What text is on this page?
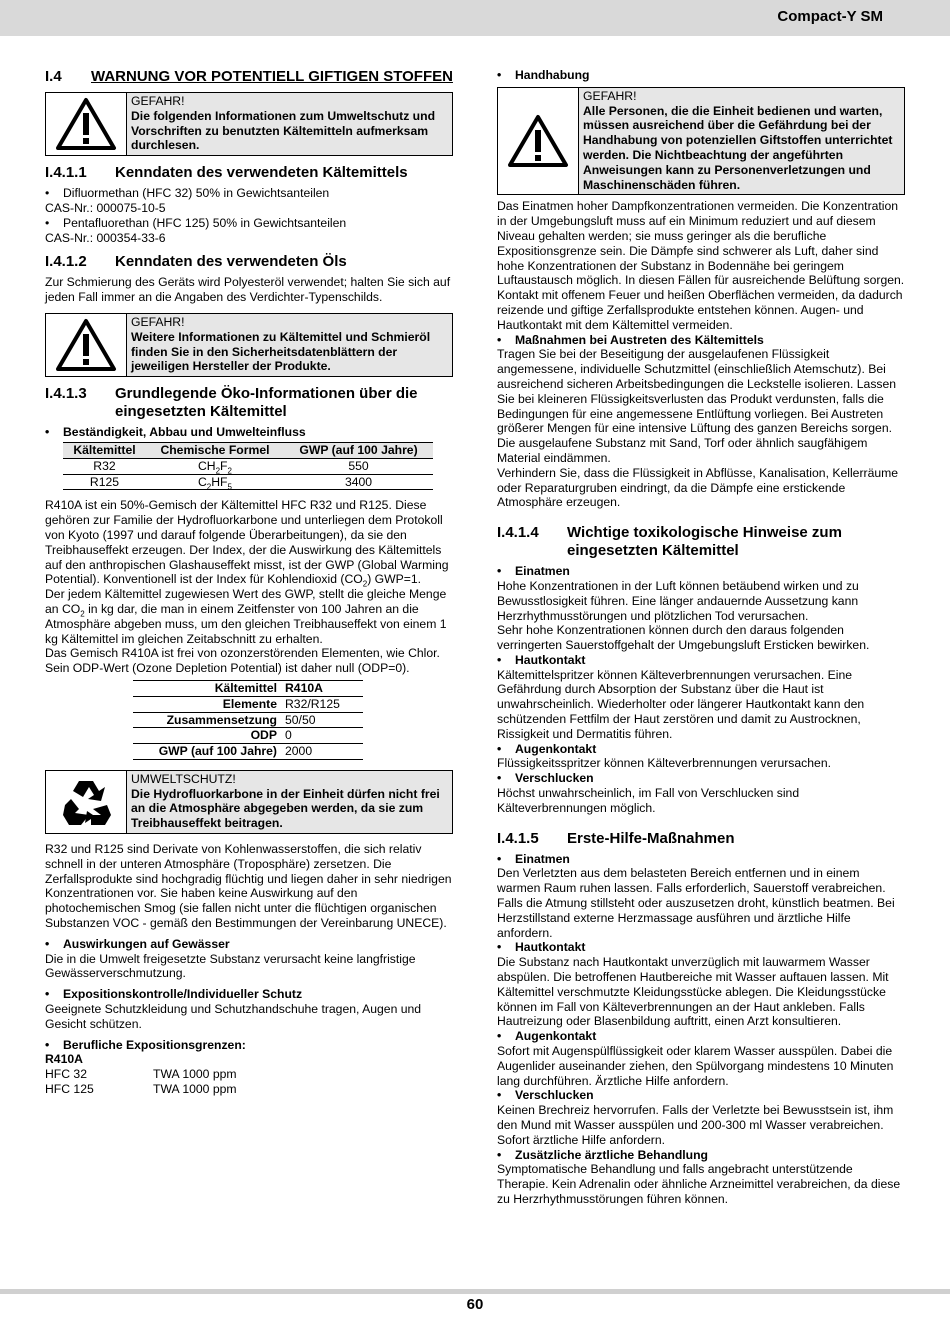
Compact-Y SM
I.4	WARNUNG VOR POTENTIELL GIFTIGEN STOFFEN
GEFAHR!
Die folgenden Informationen zum Umweltschutz und Vorschriften zu benutzten Kältemitteln aufmerksam durchlesen.
I.4.1.1	Kenndaten des verwendeten Kältemittels
•	Difluormethan (HFC 32) 50% in Gewichtsanteilen

CAS-Nr.: 000075-10-5

•	Pentafluorethan (HFC 125) 50% in Gewichtsanteilen

CAS-Nr.: 000354-33-6

I.4.1.2	Kenndaten des verwendeten Öls

Zur Schmierung des Geräts wird Polyesteröl verwendet; halten Sie sich auf jeden Fall immer an die Angaben des Verdichter-Typenschilds.

GEFAHR!
Weitere Informationen zu Kältemittel und Schmieröl finden Sie in den Sicherheitsdatenblättern der jeweiligen Hersteller der Produkte.
I.4.1.3	Grundlegende Öko-Informationen über die eingesetzten Kältemittel
•	Beständigkeit, Abbau und Umwelteinfluss
Kältemittel	Chemische Formel	GWP (auf 100 Jahre)
R32	$CH_2F_2$	550
R125	$C_2HF_5$	3400

R410A ist ein 50%-Gemisch der Kältemittel HFC R32 und R125. Diese gehören zur Familie der Hydrofluorkarbone und unterliegen dem Protokoll von Kyoto (1997 und darauf folgende Überarbeitungen), da sie den Treibhauseffekt erzeugen. Der Index, der die Auswirkung des Kältemittels auf den anthropischen Glashauseffekt misst, ist der GWP (Global Warming Potential). Konventionell ist der Index für Kohlendioxid $(CO_2)$ GWP=1.

Der jedem Kältemittel zugewiesen Wert des GWP, stellt die gleiche Menge an $CO_2$ in kg dar, die man in einem Zeitfenster von 100 Jahren an die Atmosphäre abgeben muss, um den gleichen Treibhauseffekt von einem 1 kg Kältemittel im gleichen Zeitabschnitt zu erhalten.

Das Gemisch R410A ist frei von ozonzerstörenden Elementen, wie Chlor. Sein ODP-Wert (Ozone Depletion Potential) ist daher null (ODP=0).

Kältemittel	R410A
Elemente	R32/R125
Zusammensetzung	50/50
ODP	0
GWP (auf 100 Jahre)	2000
UMWELTSCHUTZ!
Die Hydrofluorkarbone in der Einheit dürfen nicht frei an die Atmosphäre abgegeben werden, da sie zum Treibhauseffekt beitragen.

R32 und R125 sind Derivate von Kohlenwasserstoffen, die sich relativ schnell in der unteren Atmosphäre (Troposphäre) zersetzen. Die Zerfallsprodukte sind hochgradig flüchtig und liegen daher in sehr niedrigen Konzentrationen vor. Sie haben keine Auswirkung auf den photochemischen Smog (sie fallen nicht unter die flüchtigen organischen Substanzen VOC - gemäß den Bestimmungen der Vereinbarung UNECE).

•	Auswirkungen auf Gewässer

Die in die Umwelt freigesetzte Substanz verursacht keine langfristige Gewässerverschmutzung.

•	Expositionskontrolle/Individueller Schutz

Geeignete Schutzkleidung und Schutzhandschuhe tragen, Augen und Gesicht schützen.

•	Berufliche Expositionsgrenzen:

R410A

HFC 32	TWA 1000 ppm
HFC 125	TWA 1000 ppm
•	Handhabung
GEFAHR!
Alle Personen, die die Einheit bedienen und warten, müssen ausreichend über die Gefährdung bei der Handhabung von potenziellen Giftstoffen unterrichtet werden. Die Nichtbeachtung der angeführten Anweisungen kann zu Personenverletzungen und Maschinenschäden führen.

Das Einatmen hoher Dampfkonzentrationen vermeiden. Die Konzentration in der Umgebungsluft muss auf ein Minimum reduziert und auf diesem Niveau gehalten werden; sie muss geringer als die berufliche Expositionsgrenze sein. Die Dämpfe sind schwerer als Luft, daher sind hohe Konzentrationen der Substanz in Bodennähe bei geringem Luftaustausch möglich. In diesen Fällen für ausreichende Belüftung sorgen. Kontakt mit offenem Feuer und heißen Oberflächen vermeiden, da dadurch reizende und giftige Zerfallsprodukte entstehen können. Augen- und Hautkontakt mit dem Kältemittel vermeiden.

•	Maßnahmen bei Austreten des Kältemittels

Tragen Sie bei der Beseitigung der ausgelaufenen Flüssigkeit angemessene, individuelle Schutzmittel (einschließlich Atemschutz). Bei ausreichend sicheren Arbeitsbedingungen die Leckstelle isolieren. Lassen Sie bei kleineren Flüssigkeitsverlusten das Produkt verdunsten, falls die Bedingungen für eine angemessene Entlüftung vorliegen. Bei Austreten größerer Mengen für eine intensive Lüftung des ganzen Bereichs sorgen.

Die ausgelaufene Substanz mit Sand, Torf oder ähnlich saugfähigem Material eindämmen.

Verhindern Sie, dass die Flüssigkeit in Abflüsse, Kanalisation, Kellerräume oder Reparaturgruben eindringt, da die Dämpfe eine erstickende Atmosphäre erzeugen.

I.4.1.4	Wichtige toxikologische Hinweise zum eingesetzten Kältemittel
•	Einatmen

Hohe Konzentrationen in der Luft können betäubend wirken und zu Bewusstlosigkeit führen. Eine länger andauernde Aussetzung kann Herzrhythmusstörungen und plötzlichen Tod verursachen.

Sehr hohe Konzentrationen können durch den daraus folgenden verringerten Sauerstoffgehalt der Umgebungsluft Ersticken bewirken.

•	Hautkontakt

Kältemittelspritzer können Kälteverbrennungen verursachen. Eine Gefährdung durch Absorption der Substanz über die Haut ist unwahrscheinlich. Wiederholter oder längerer Hautkontakt kann den schützenden Fettfilm der Haut zerstören und damit zu Austrocknen, Rissigkeit und Dermatitis führen.

•	Augenkontakt

Flüssigkeitsspritzer können Kälteverbrennungen verursachen.

•	Verschlucken

Höchst unwahrscheinlich, im Fall von Verschlucken sind Kälteverbrennungen möglich.

I.4.1.5	Erste-Hilfe-Maßnahmen
•	Einatmen

Den Verletzten aus dem belasteten Bereich entfernen und in einem warmen Raum ruhen lassen. Falls erforderlich, Sauerstoff verabreichen. Falls die Atmung stillsteht oder auszusetzen droht, künstlich beatmen. Bei Herzstillstand externe Herzmassage ausführen und ärztliche Hilfe anfordern.

•	Hautkontakt

Die Substanz nach Hautkontakt unverzüglich mit lauwarmem Wasser abspülen. Die betroffenen Hautbereiche mit Wasser auftauen lassen. Mit Kältemittel verschmutzte Kleidungsstücke ablegen. Die Kleidungsstücke können im Fall von Kälteverbrennungen an der Haut ankleben. Falls Hautreizung oder Blasenbildung auftritt, einen Arzt konsultieren.

•	Augenkontakt

Sofort mit Augenspülflüssigkeit oder klarem Wasser ausspülen. Dabei die Augenlider auseinander ziehen, den Spülvorgang mindestens 10 Minuten lang durchführen. Ärztliche Hilfe anfordern.

•	Verschlucken

Keinen Brechreiz hervorrufen. Falls der Verletzte bei Bewusstsein ist, ihm den Mund mit Wasser ausspülen und 200-300 ml Wasser verabreichen. Sofort ärztliche Hilfe anfordern.

•	Zusätzliche ärztliche Behandlung

Symptomatische Behandlung und falls angebracht unterstützende Therapie. Kein Adrenalin oder ähnliche Arzneimittel verabreichen, da diese zu Herzrhythmusstörungen führen können.

60
